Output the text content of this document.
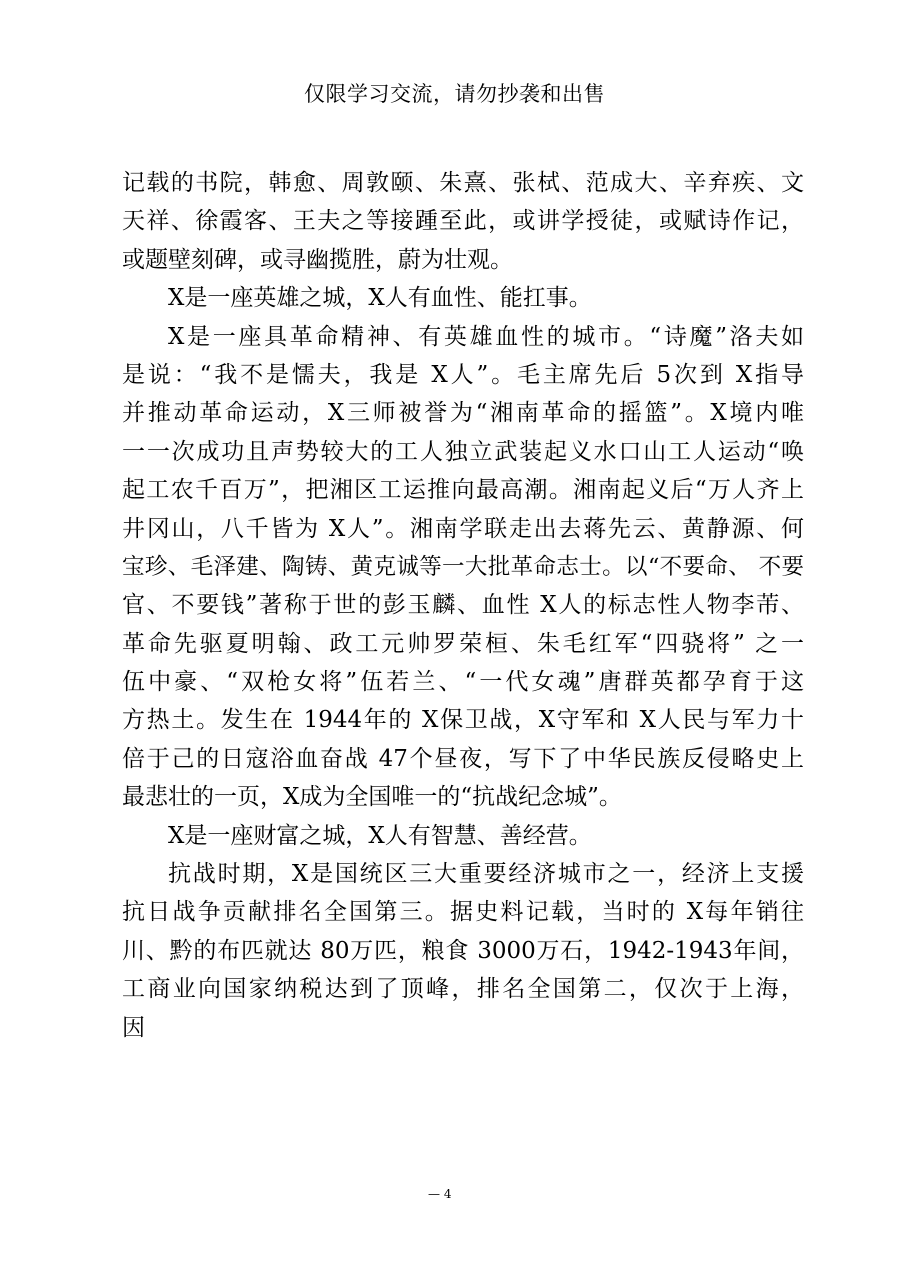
仅限学习交流，请勿抄袭和出售
记载的书院，韩愈、周敦颐、朱熹、张栻、范成大、辛弃疾、文
天祥、徐霞客、王夫之等接踵至此，或讲学授徒，或赋诗作记，
或题壁刻碑，或寻幽揽胜，蔚为壮观。
X是一座英雄之城，X人有血性、能扛事。
X是一座具革命精神、有英雄血性的城市。“诗魔”洛夫如
是说：“我不是懦夫，我是 X人”。毛主席先后 5次到 X指导
并推动革命运动，X三师被誉为“湘南革命的摇篮”。X境内唯
一一次成功且声势较大的工人独立武装起义水口山工人运动“唤
起工农千百万”，把湘区工运推向最高潮。湘南起义后“万人齐上
井冈山，八千皆为 X人”。湘南学联走出去蒋先云、黄静源、何
宝珍、毛泽建、陶铸、黄克诚等一大批革命志士。以“不要命、 不要
官、不要钱”著称于世的彭玉麟、血性 X人的标志性人物李芾、
革命先驱夏明翰、政工元帅罗荣桓、朱毛红军“四骁将” 之一
伍中豪、“双枪女将”伍若兰、“一代女魂”唐群英都孕育于这
方热土。发生在 1944年的 X保卫战，X守军和 X人民与军力十
倍于己的日寇浴血奋战 47个昼夜，写下了中华民族反侵略史上
最悲壮的一页，X成为全国唯一的“抗战纪念城”。
X是一座财富之城，X人有智慧、善经营。
抗战时期，X是国统区三大重要经济城市之一，经济上支援
抗日战争贡献排名全国第三。据史料记载，当时的 X每年销往
川、黔的布匹就达 80万匹，粮食 3000万石，1942-1943年间，
工商业向国家纳税达到了顶峰，排名全国第二，仅次于上海，
因
— 4
